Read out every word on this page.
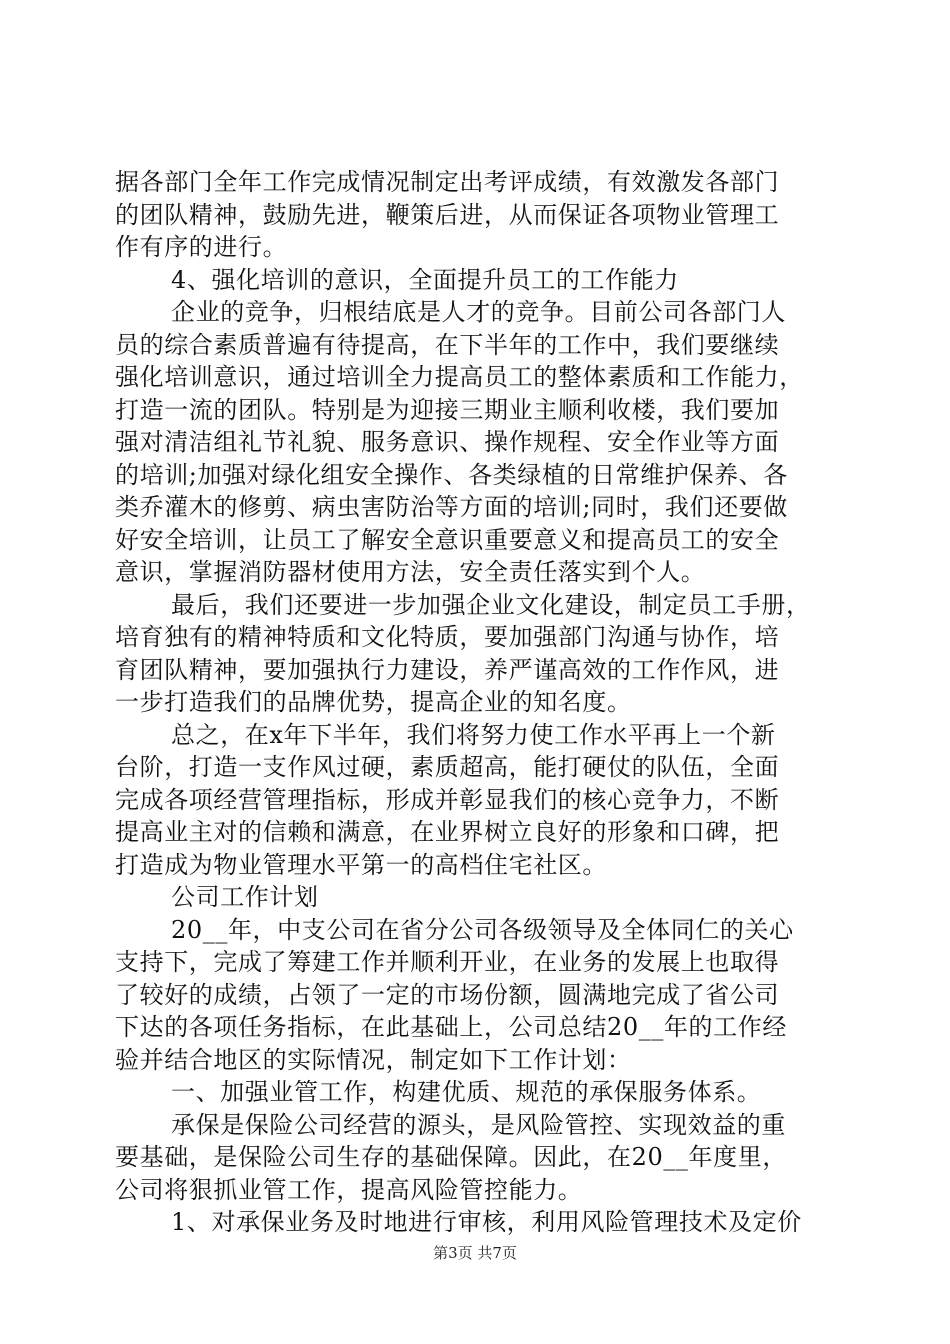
据各部门全年工作完成情况制定出考评成绩，有效激发各部门
的团队精神，鼓励先进，鞭策后进，从而保证各项物业管理工
作有序的进行。
4、强化培训的意识，全面提升员工的工作能力
企业的竞争，归根结底是人才的竞争。目前公司各部门人
员的综合素质普遍有待提高，在下半年的工作中，我们要继续
强化培训意识，通过培训全力提高员工的整体素质和工作能力，
打造一流的团队。特别是为迎接三期业主顺利收楼，我们要加
强对清洁组礼节礼貌、服务意识、操作规程、安全作业等方面
的培训;加强对绿化组安全操作、各类绿植的日常维护保养、各
类乔灌木的修剪、病虫害防治等方面的培训;同时，我们还要做
好安全培训，让员工了解安全意识重要意义和提高员工的安全
意识，掌握消防器材使用方法，安全责任落实到个人。
最后，我们还要进一步加强企业文化建设，制定员工手册，
培育独有的精神特质和文化特质，要加强部门沟通与协作，培
育团队精神，要加强执行力建设，养严谨高效的工作作风，进
一步打造我们的品牌优势，提高企业的知名度。
总之，在x年下半年，我们将努力使工作水平再上一个新
台阶，打造一支作风过硬，素质超高，能打硬仗的队伍，全面
完成各项经营管理指标，形成并彰显我们的核心竞争力，不断
提高业主对的信赖和满意，在业界树立良好的形象和口碑，把
打造成为物业管理水平第一的高档住宅社区。
公司工作计划
20__年，中支公司在省分公司各级领导及全体同仁的关心
支持下，完成了筹建工作并顺利开业，在业务的发展上也取得
了较好的成绩，占领了一定的市场份额，圆满地完成了省公司
下达的各项任务指标，在此基础上，公司总结20__年的工作经
验并结合地区的实际情况，制定如下工作计划：
一、加强业管工作，构建优质、规范的承保服务体系。
承保是保险公司经营的源头，是风险管控、实现效益的重
要基础，是保险公司生存的基础保障。因此，在20__年度里，
公司将狠抓业管工作，提高风险管控能力。
1、对承保业务及时地进行审核，利用风险管理技术及定价
第3页 共7页
